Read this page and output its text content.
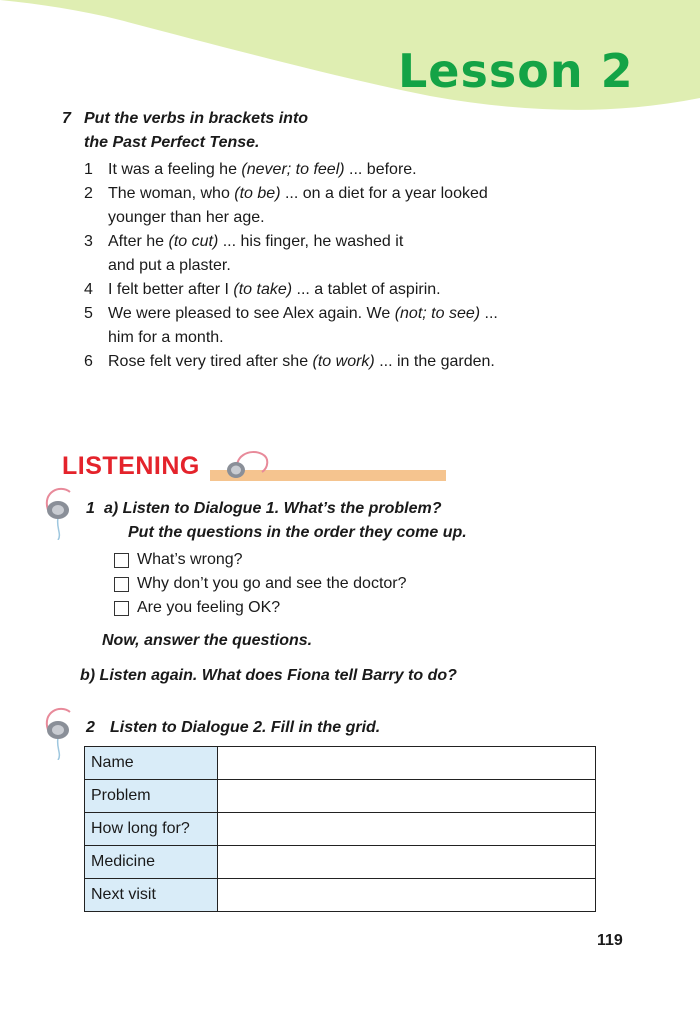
Lesson 2
7 Put the verbs in brackets into
the Past Perfect Tense.
1 It was a feeling he (never; to feel) ... before.
2 The woman, who (to be) ... on a diet for a year looked
younger than her age.
3 After he (to cut) ... his finger, he washed it
and put a plaster.
4 I felt better after I (to take) ... a tablet of aspirin.
5 We were pleased to see Alex again. We (not; to see) ...
him for a month.
6 Rose felt very tired after she (to work) ... in the garden.
LISTENING
1 a) Listen to Dialogue 1. What’s the problem?
Put the questions in the order they come up.
What’s wrong?
Why don’t you go and see the doctor?
Are you feeling OK?
Now, answer the questions.
b) Listen again. What does Fiona tell Barry to do?
2 Listen to Dialogue 2. Fill in the grid.
Name	
Problem	
How long for?	
Medicine	
Next visit	
119
